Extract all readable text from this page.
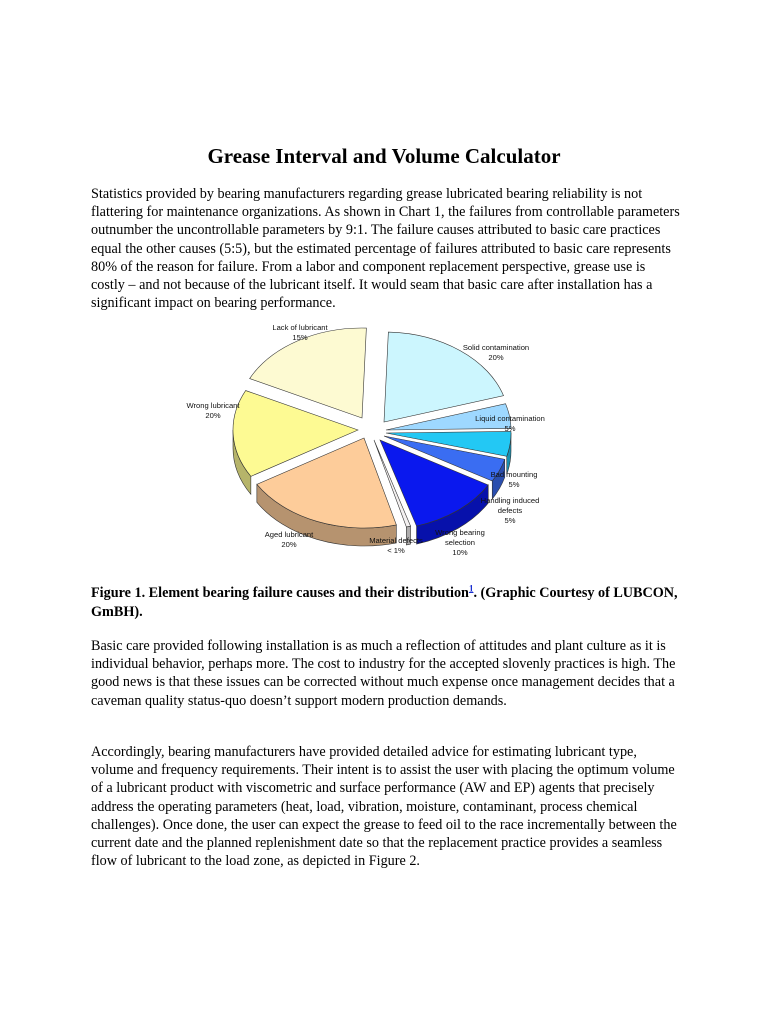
Grease Interval and Volume Calculator

Statistics provided by bearing manufacturers regarding grease lubricated bearing reliability is not flattering for maintenance organizations. As shown in Chart 1, the failures from controllable parameters outnumber the uncontrollable parameters by 9:1. The failure causes attributed to basic care practices equal the other causes (5:5), but the estimated percentage of failures attributed to basic care represents 80% of the reason for failure. From a labor and component replacement perspective, grease use is costly – and not because of the lubricant itself. It would seam that basic care after installation has a significant impact on bearing performance.

Lack of lubricant
15%
Solid contamination
20%
Liquid contamination
5%
Bad mounting
5%
Handling induced
defects
5%
Wrong bearing
selection
10%
Material defects
< 1%
Aged lubricant
20%
Wrong lubricant
20%

Figure 1. Element bearing failure causes and their distribution$^1$. (Graphic Courtesy of LUBCON, GmBH).

Basic care provided following installation is as much a reflection of attitudes and plant culture as it is individual behavior, perhaps more. The cost to industry for the accepted slovenly practices is high. The good news is that these issues can be corrected without much expense once management decides that a caveman quality status-quo doesn’t support modern production demands.

Accordingly, bearing manufacturers have provided detailed advice for estimating lubricant type, volume and frequency requirements. Their intent is to assist the user with placing the optimum volume of a lubricant product with viscometric and surface performance (AW and EP) agents that precisely address the operating parameters (heat, load, vibration, moisture, contaminant, process chemical challenges). Once done, the user can expect the grease to feed oil to the race incrementally between the current date and the planned replenishment date so that the replacement practice provides a seamless flow of lubricant to the load zone, as depicted in Figure 2.
